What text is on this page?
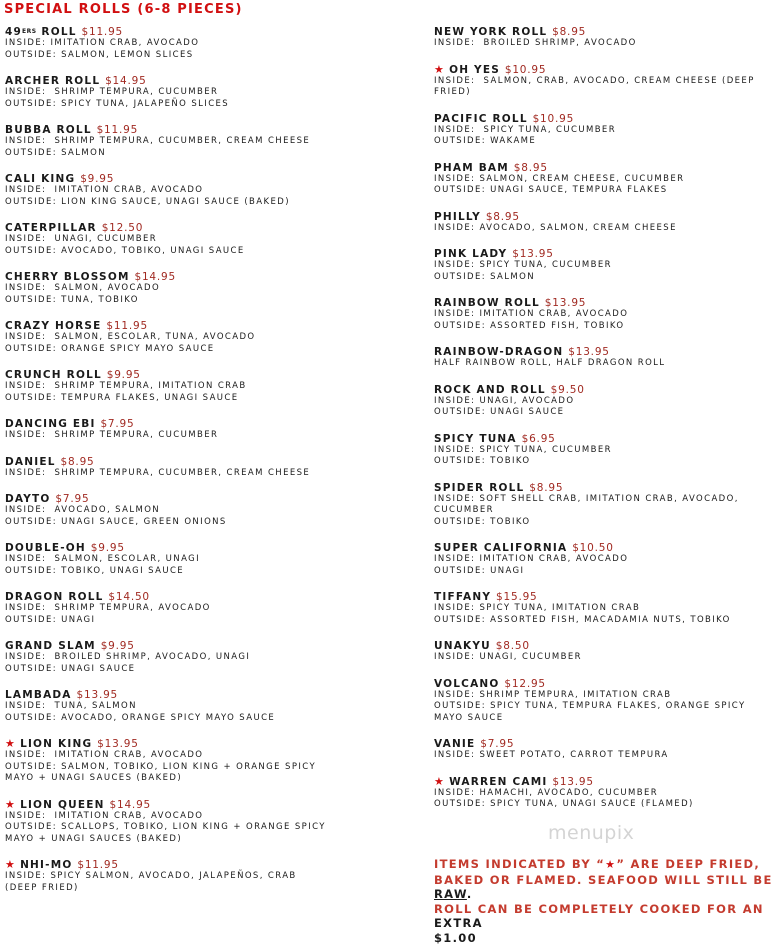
SPECIAL ROLLS (6-8 PIECES)
49ERS ROLL $11.95
INSIDE: IMITATION CRAB, AVOCADO
OUTSIDE: SALMON, LEMON SLICES
ARCHER ROLL $14.95
INSIDE:  SHRIMP TEMPURA, CUCUMBER
OUTSIDE: SPICY TUNA, JALAPEÑO SLICES
BUBBA ROLL $11.95
INSIDE:  SHRIMP TEMPURA, CUCUMBER, CREAM CHEESE
OUTSIDE: SALMON
CALI KING $9.95
INSIDE:  IMITATION CRAB, AVOCADO
OUTSIDE: LION KING SAUCE, UNAGI SAUCE (BAKED)
CATERPILLAR $12.50
INSIDE:  UNAGI, CUCUMBER
OUTSIDE: AVOCADO, TOBIKO, UNAGI SAUCE
CHERRY BLOSSOM $14.95
INSIDE:  SALMON, AVOCADO
OUTSIDE: TUNA, TOBIKO
CRAZY HORSE $11.95
INSIDE:  SALMON, ESCOLAR, TUNA, AVOCADO
OUTSIDE: ORANGE SPICY MAYO SAUCE
CRUNCH ROLL $9.95
INSIDE:  SHRIMP TEMPURA, IMITATION CRAB
OUTSIDE: TEMPURA FLAKES, UNAGI SAUCE
DANCING EBI $7.95
INSIDE:  SHRIMP TEMPURA, CUCUMBER
DANIEL $8.95
INSIDE:  SHRIMP TEMPURA, CUCUMBER, CREAM CHEESE
DAYTO $7.95
INSIDE:  AVOCADO, SALMON
OUTSIDE: UNAGI SAUCE, GREEN ONIONS
DOUBLE-OH $9.95
INSIDE:  SALMON, ESCOLAR, UNAGI
OUTSIDE: TOBIKO, UNAGI SAUCE
DRAGON ROLL $14.50
INSIDE:  SHRIMP TEMPURA, AVOCADO
OUTSIDE: UNAGI
GRAND SLAM $9.95
INSIDE:  BROILED SHRIMP, AVOCADO, UNAGI
OUTSIDE: UNAGI SAUCE
LAMBADA $13.95
INSIDE:  TUNA, SALMON
OUTSIDE: AVOCADO, ORANGE SPICY MAYO SAUCE
★ LION KING $13.95
INSIDE:  IMITATION CRAB, AVOCADO
OUTSIDE: SALMON, TOBIKO, LION KING + ORANGE SPICY
MAYO + UNAGI SAUCES (BAKED)
★ LION QUEEN $14.95
INSIDE:  IMITATION CRAB, AVOCADO
OUTSIDE: SCALLOPS, TOBIKO, LION KING + ORANGE SPICY
MAYO + UNAGI SAUCES (BAKED)
★ NHI-MO $11.95
INSIDE: SPICY SALMON, AVOCADO, JALAPEÑOS, CRAB
(DEEP FRIED)
NEW YORK ROLL $8.95
INSIDE:  BROILED SHRIMP, AVOCADO
★ OH YES $10.95
INSIDE:  SALMON, CRAB, AVOCADO, CREAM CHEESE (DEEP
FRIED)
PACIFIC ROLL $10.95
INSIDE:  SPICY TUNA, CUCUMBER
OUTSIDE: WAKAME
PHAM BAM $8.95
INSIDE: SALMON, CREAM CHEESE, CUCUMBER
OUTSIDE: UNAGI SAUCE, TEMPURA FLAKES
PHILLY $8.95
INSIDE: AVOCADO, SALMON, CREAM CHEESE
PINK LADY $13.95
INSIDE: SPICY TUNA, CUCUMBER
OUTSIDE: SALMON
RAINBOW ROLL $13.95
INSIDE: IMITATION CRAB, AVOCADO
OUTSIDE: ASSORTED FISH, TOBIKO
RAINBOW-DRAGON $13.95
HALF RAINBOW ROLL, HALF DRAGON ROLL
ROCK AND ROLL $9.50
INSIDE: UNAGI, AVOCADO
OUTSIDE: UNAGI SAUCE
SPICY TUNA $6.95
INSIDE: SPICY TUNA, CUCUMBER
OUTSIDE: TOBIKO
SPIDER ROLL $8.95
INSIDE: SOFT SHELL CRAB, IMITATION CRAB, AVOCADO,
CUCUMBER
OUTSIDE: TOBIKO
SUPER CALIFORNIA $10.50
INSIDE: IMITATION CRAB, AVOCADO
OUTSIDE: UNAGI
TIFFANY $15.95
INSIDE: SPICY TUNA, IMITATION CRAB
OUTSIDE: ASSORTED FISH, MACADAMIA NUTS, TOBIKO
UNAKYU $8.50
INSIDE: UNAGI, CUCUMBER
VOLCANO $12.95
INSIDE: SHRIMP TEMPURA, IMITATION CRAB
OUTSIDE: SPICY TUNA, TEMPURA FLAKES, ORANGE SPICY
MAYO SAUCE
VANIE $7.95
INSIDE: SWEET POTATO, CARROT TEMPURA
★ WARREN CAMI $13.95
INSIDE: HAMACHI, AVOCADO, CUCUMBER
OUTSIDE: SPICY TUNA, UNAGI SAUCE (FLAMED)
menupix
ITEMS INDICATED BY “★” ARE DEEP FRIED, BAKED OR FLAMED. SEAFOOD WILL STILL BE RAW.
ROLL CAN BE COMPLETELY COOKED FOR AN EXTRA
$1.00
